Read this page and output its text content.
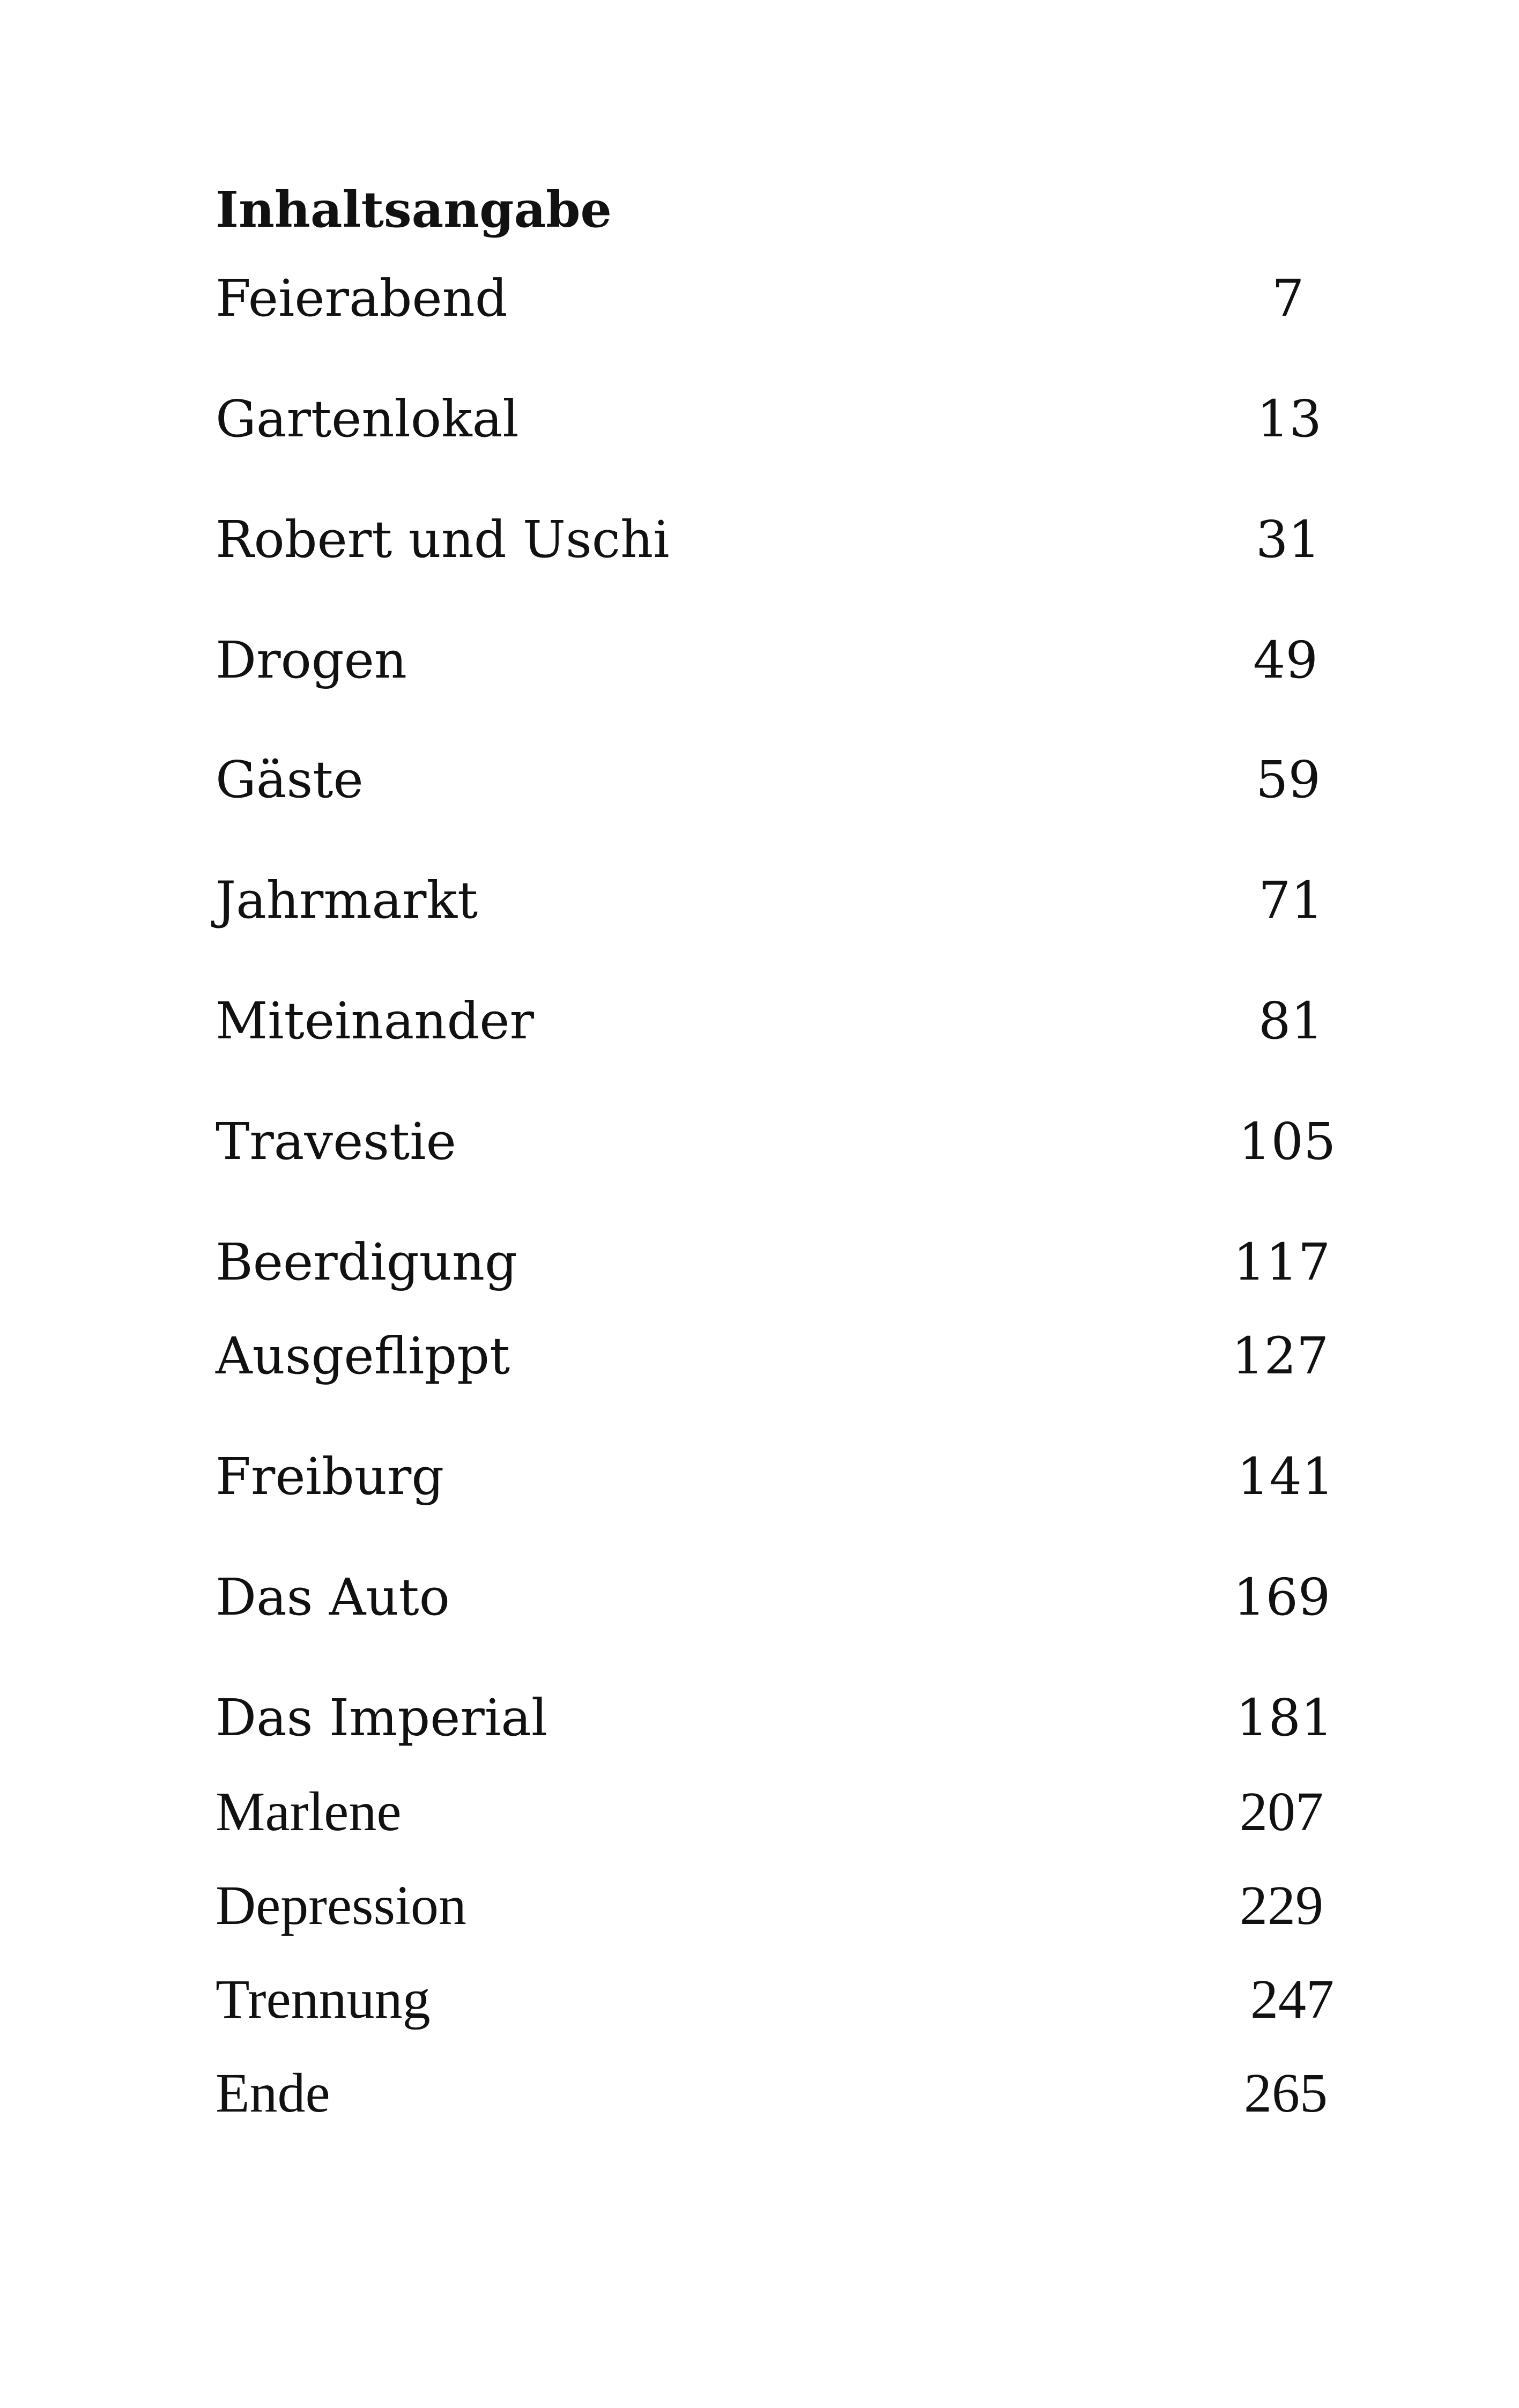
Inhaltsangabe
Feierabend	7
Gartenlokal	13
Robert und Uschi	31
Drogen	49
Gäste	59
Jahrmarkt	71
Miteinander	81
Travestie	105
Beerdigung	117
Ausgeflippt	127
Freiburg	141
Das Auto	169
Das Imperial	181
Marlene	207
Depression	229
Trennung	247
Ende	265
